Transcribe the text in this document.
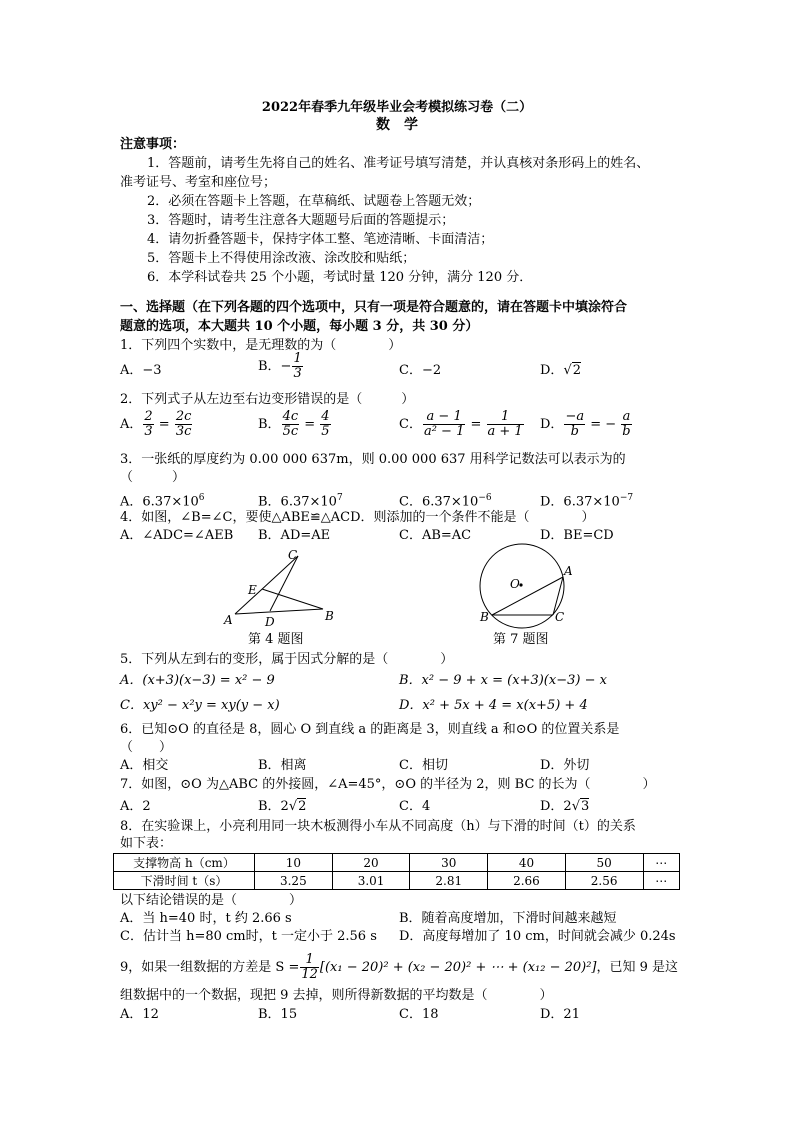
2022年春季九年级毕业会考模拟练习卷（二）
数　学
注意事项：
1．答题前，请考生先将自己的姓名、准考证号填写清楚，并认真核对条形码上的姓名、
准考证号、考室和座位号；
2．必须在答题卡上答题，在草稿纸、试题卷上答题无效；
3．答题时，请考生注意各大题题号后面的答题提示；
4．请勿折叠答题卡，保持字体工整、笔迹清晰、卡面清洁；
5．答题卡上不得使用涂改液、涂改胶和贴纸；
6．本学科试卷共 25 个小题，考试时量 120 分钟，满分 120 分．
一、选择题（在下列各题的四个选项中，只有一项是符合题意的，请在答题卡中填涂符合
题意的选项，本大题共 10 个小题，每小题 3 分，共 30 分）
1．下列四个实数中，是无理数的为（　　　　）
A．−3	B．− $\frac{1}{3}$	C．−2	D．√2
2．下列式子从左边至右边变形错误的是（　　　）
A． $\frac{2}{3} = \frac{2c}{3c}$	B． $\frac{4c}{5c} = \frac{4}{5}$	C． $\frac{a - 1}{\text{a² − 1}} = \frac{1}{a + 1}$ D． $\frac{-a}{b}$ = − $\frac{a}{b}$
3．一张纸的厚度约为 0.00 000 637m，则 0.00 000 637 用科学记数法可以表示为的
（　　　）
A．$6.37\times 10^6$	B．$6.37\times 10^7$	C．$6.37\times 10^{-6}$	D．$6.37\times 10^{-7}$
4．如图，∠B=∠C，要使△ABE≌△ACD．则添加的一个条件不能是（　　　　）
A．∠ADC=∠AEB B．AD=AE	C．AB=AC	D．BE=CD
C
E
A	D	B
第 4 题图
O
A
B	C
第 7 题图
5．下列从左到右的变形，属于因式分解的是（　　　　）
A．(x+3)(x−3) = x² − 9	B．x² − 9 + x = (x+3)(x−3) − x
C．xy² − x²y = xy(y − x)	D．x² + 5x + 4 = x(x+5) + 4
6．已知⊙O 的直径是 8，圆心 O 到直线 a 的距离是 3，则直线 a 和⊙O 的位置关系是
（　　）
A．相交	B．相离	C．相切	D．外切
7．如图，⊙O 为△ABC 的外接圆，∠A=45°，⊙O 的半径为 2，则 BC 的长为（　　　　）
A．2	B．2√2	C．4	D．2√3
8．在实验课上，小亮利用同一块木板测得小车从不同高度（h）与下滑的时间（t）的关系
如下表：
支撑物高 h（cm）	10	20	30	40	50	⋯
下滑时间 t（s）	3.25	3.01	2.81	2.66	2.56	⋯
以下结论错误的是（　　　　）
A．当 h=40 时，t 约 2.66 s	B．随着高度增加，下滑时间越来越短
C．估计当 h=80 cm时，t 一定小于 2.56 s D．高度每增加了 10 cm，时间就会减少 0.24s
9，如果一组数据的方差是 $S = \frac{1}{12} [(x_1 - 20)^2 + (x_2 - 20)^2$ + ⋯ + (x₁₂ − 20)²]，已知 9 是这
组数据中的一个数据，现把 9 去掉，则所得新数据的平均数是（　　　　）
A．12	B．15	C．18	D．21
